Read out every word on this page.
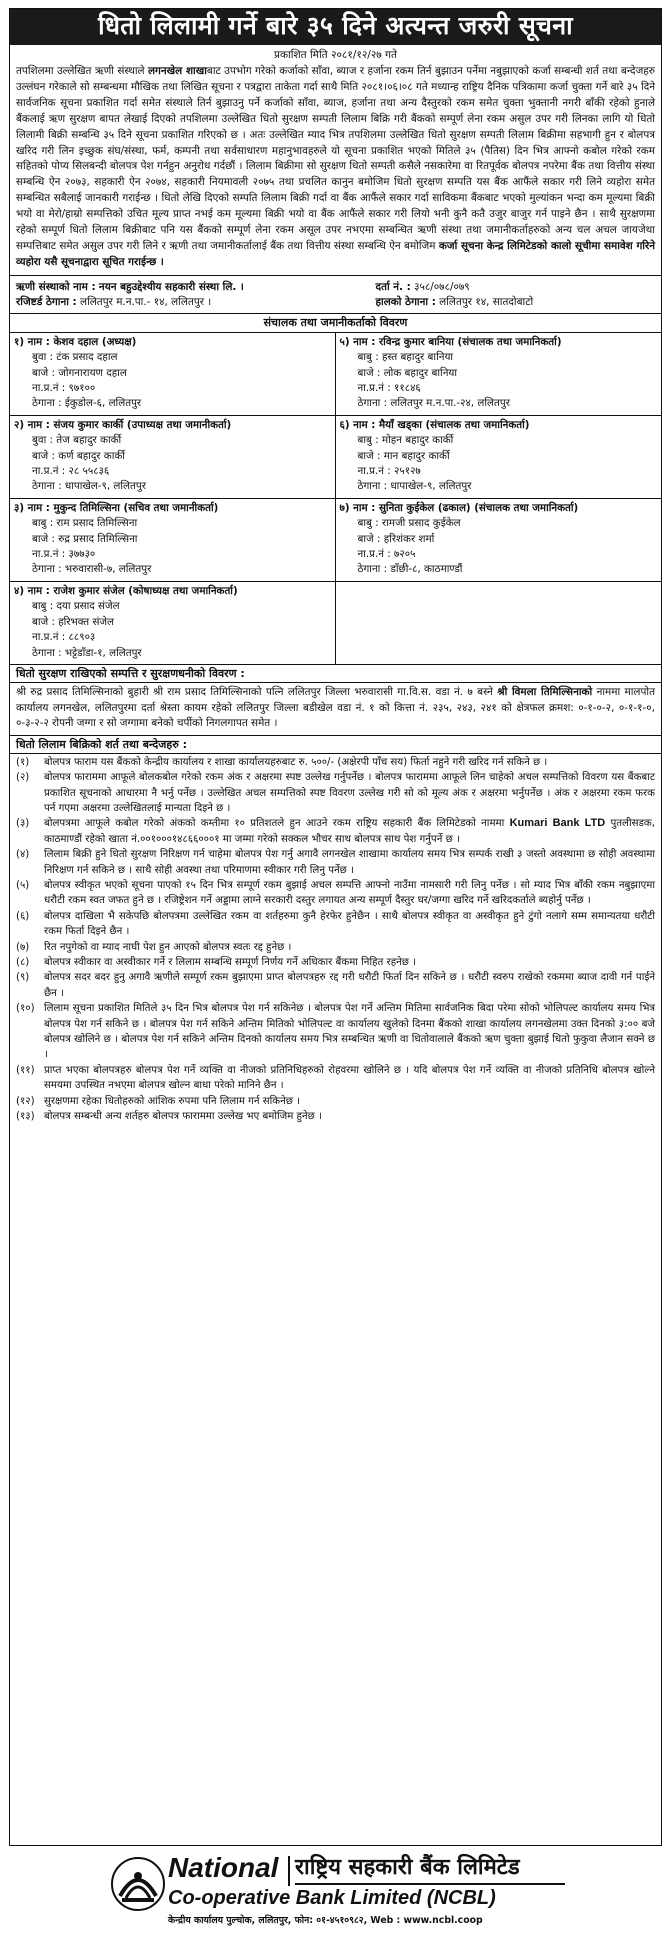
धितो लिलामी गर्ने बारे ३५ दिने अत्यन्त जरुरी सूचना
प्रकाशित मिति २०८१/१२/२७ गते
तपशिलमा उल्लेखित ऋणी संस्थाले लगनखेल शाखाबाट उपभोग गरेको कर्जाको साँवा, ब्याज र हर्जाना रकम तिर्न बुझाउन पर्नेमा नबुझाएको कर्जा सम्बन्धी शर्त तथा बन्देजहरु उल्लंघन गरेकाले सो सम्बन्धमा मौखिक तथा लिखित सूचना र पत्रद्वारा ताकेता गर्दा साथै मिति २०८१।०६।०८ गते मध्यान्ह राष्ट्रिय दैनिक पत्रिकामा कर्जा चुक्ता गर्ने बारे ३५ दिने सार्वजनिक सूचना प्रकाशित गर्दा समेत संस्थाले तिर्न बुझाउनु पर्ने कर्जाको साँवा, ब्याज, हर्जाना तथा अन्य दैस्तुरको रकम समेत चुक्ता भुक्तानी नगरी बाँकी रहेको हुनाले बैंकलाई ऋण सुरक्षण बापत लेखाई दिएको तपशिलमा उल्लेखित धितो सुरक्षण सम्पती लिलाम बिक्रि गरी बैंकको सम्पूर्ण लेना रकम असुल उपर गरी लिनका लागि यो धितो लिलामी बिक्री सम्बन्धि ३५ दिने सूचना प्रकाशित गरिएको छ । अतः उल्लेखित म्याद भित्र तपशिलमा उल्लेखित धितो सुरक्षण सम्पती लिलाम बिक्रीमा सहभागी हुन र बोलपत्र खरिद गरी लिन इच्छुक संघ/संस्था, फर्म, कम्पनी तथा सर्वसाधारण महानुभावहरुले यो सूचना प्रकाशित भएको मितिले ३५ (पैतिस) दिन भित्र आफ्नो कबोल गरेको रकम सहितको पोप्य सिलबन्दी बोलपत्र पेश गर्नहुन अनुरोध गर्दछौं । लिलाम बिक्रीमा सो सुरक्षण धितो सम्पती कसैले नसकारेमा वा रितपूर्वक बोलपत्र नपरेमा बैंक तथा वित्तीय संस्था सम्बन्धि ऐन २०७३, सहकारी ऐन २०७४, सहकारी नियमावली २०७५ तथा प्रचलित कानुन बमोजिम धितो सुरक्षण सम्पति यस बैंक आफैंले सकार गरी लिने व्यहोरा समेत सम्बन्धित सबैलाई जानकारी गराईन्छ । धितो लेखि दिएको सम्पति लिलाम बिक्री गर्दा वा बैंक आफैंले सकार गर्दा साविकमा बैंकबाट भएको मुल्यांकन भन्दा कम मूल्यमा बिक्री भयो वा मेरो/हाम्रो सम्पत्तिको उचित मूल्य प्राप्त नभई कम मूल्यमा बिक्री भयो वा बैंक आफैंले सकार गरी लियो भनी कुनै कतै उजुर बाजुर गर्न पाइने छैन । साथै सुरक्षणमा रहेको सम्पूर्ण धितो लिलाम बिक्रीबाट पनि यस बैंकको सम्पूर्ण लेना रकम असूल उपर नभएमा सम्बन्धित ऋणी संस्था तथा जमानीकर्ताहरुको अन्य चल अचल जायजेथा सम्पत्तिबाट समेत असुल उपर गरी लिने र ऋणी तथा जमानीकर्तालाई बैंक तथा वित्तीय संस्था सम्बन्धि ऐन बमोजिम कर्जा सूचना केन्द्र लिमिटेडको कालो सूचीमा समावेश गरिने व्यहोरा यसै सूचनाद्वारा सूचित गराईन्छ ।
ऋणी संस्थाको नाम : नयन बहुउद्देश्यीय सहकारी संस्था लि. ।	दर्ता नं. : ३५८/०७८/०७९
रजिष्टर्ड ठेगाना : ललितपुर म.न.पा.- १४, ललितपुर ।	हालको ठेगाना : ललितपुर १४, सातदोबाटो
संचालक तथा जमानीकर्ताको विवरण
१) नाम : केशव दहाल (अध्यक्ष)
बुवा : टंक प्रसाद दहाल
बाजे : जोगनारायण दहाल
ना.प्र.नं : ९७१००
ठेगाना : ईकुडोल-६, ललितपुर
५) नाम : रविन्द्र कुमार बानिया (संचालक तथा जमानिकर्ता)
बाबु : हस्त बहादुर बानिया
बाजे : लोक बहादुर बानिया
ना.प्र.नं : ११८४६
ठेगाना : ललितपुर म.न.पा.-२४, ललितपुर
२) नाम : संजय कुमार कार्की (उपाध्यक्ष तथा जमानीकर्ता)
बुवा : तेज बहादुर कार्की
बाजे : कर्ण बहादुर कार्की
ना.प्र.नं : २८ ५५८३६
ठेगाना : धापाखेल-९, ललितपुर
६) नाम : मैयाँ खड्का (संचालक तथा जमानिकर्ता)
बाबु : मोहन बहादुर कार्की
बाजे : मान बहादुर कार्की
ना.प्र.नं : २५१२७
ठेगाना : धापाखेल-९, ललितपुर
३) नाम : मुकुन्द तिमिल्सिना (सचिव तथा जमानीकर्ता)
बाबु : राम प्रसाद तिमिल्सिना
बाजे : रुद्र प्रसाद तिमिल्सिना
ना.प्र.नं : ३७७३०
ठेगाना : भरुवारासी-७, ललितपुर
७) नाम : सुनिता कुईकेल (ढकाल) (संचालक तथा जमानिकर्ता)
बाबु : रामजी प्रसाद कुईकेल
बाजे : हरिशंकर शर्मा
ना.प्र.नं : ७२०५
ठेगाना : डाँछी-८, काठमाण्डौं
४) नाम : राजेश कुमार संजेल (कोषाध्यक्ष तथा जमानिकर्ता)
बाबु : दया प्रसाद संजेल
बाजे : हरिभक्त संजेल
ना.प्र.नं : ८८९०३
ठेगाना : भट्टेडाँडा-१, ललितपुर
धितो सुरक्षण राखिएको सम्पत्ति र सुरक्षणधनीको विवरण :
श्री रुद्र प्रसाद तिमिल्सिनाको बुहारी श्री राम प्रसाद तिमिल्सिनाको पत्नि ललितपुर जिल्ला भरुवारासी गा.वि.स. वडा नं. ७ बस्ने श्री विमला तिमिल्सिनाको नाममा मालपोत कार्यालय लगनखेल, ललितपुरमा दर्ता श्रेस्ता कायम रहेको ललितपुर जिल्ला बडीखेल वडा नं. १ को कित्ता नं. २३५, २४३, २४१ को क्षेत्रफल क्रमश: ०-१-०-२, ०-१-१-०, ०-३-२-२ रोपनी जग्गा र सो जग्गामा बनेको चर्पीको निगलगापत समेत ।
धितो लिलाम बिक्रिको शर्त तथा बन्देजहरु :
(१)	बोलपत्र फाराम यस बैंकको केन्द्रीय कार्यालय र शाखा कार्यालयहरुबाट रु. ५००/- (अक्षेरपी पाँच सय) फिर्ता नहुने गरी खरिद गर्न सकिने छ ।
(२)	बोलपत्र फाराममा आफूले बोलकबोल गरेको रकम अंक र अक्षरमा स्पष्ट उल्लेख गर्नुपर्नेछ । बोलपत्र फाराममा आफूले लिन चाहेको अचल सम्पत्तिको विवरण यस बैंकबाट प्रकाशित सूचनाको आधारमा नै भर्नु पर्नेछ । उल्लेखित अचल सम्पत्तिको स्पष्ट विवरण उल्लेख गरी सो को मूल्य अंक र अक्षरमा भर्नुपर्नेछ । अंक र अक्षरमा रकम फरक पर्न गएमा अक्षरमा उल्लेखितलाई मान्यता दिइने छ ।
(३)	बोलपत्रमा आफूले कबोल गरेको अंकको कम्तीमा १० प्रतिशतले हुन आउने रकम राष्ट्रिय सहकारी बैंक लिमिटेडको नाममा Kumari Bank LTD पुतलीसडक, काठमाण्डौं रहेको खाता नं.००१०००१४८६६०००१ मा जम्मा गरेको सक्कल भौचर साथ बोलपत्र साथ पेश गर्नुपर्ने छ ।
(४)	लिलाम बिक्री हुने धितो सुरक्षण निरिक्षण गर्न चाहेमा बोलपत्र पेश गर्नु अगावै लगनखेल शाखामा कार्यालय समय भित्र सम्पर्क राखी ३ जस्तो अवस्थामा छ सोही अवस्थामा निरिक्षण गर्न सकिने छ । साथै सोही अवस्था तथा परिमाणमा स्वीकार गरी लिनु पर्नेछ ।
(५)	बोलपत्र स्वीकृत भएको सूचना पाएको १५ दिन भित्र सम्पूर्ण रकम बुझाई अचल सम्पत्ति आफ्नो नाउँमा नामसारी गरी लिनु पर्नेछ । सो म्याद भित्र बाँकी रकम नबुझाएमा धरौटी रकम स्वत जफत हुने छ । रजिष्ट्रेशन गर्ने अड्डामा लाग्ने सरकारी दस्तुर लगायत अन्य सम्पूर्ण दैस्तुर घर/जग्गा खरिद गर्ने खरिदकर्ताले ब्यहोर्नु पर्नेछ ।
(६)	बोलपत्र दाखिला भै सकेपछि बोलपत्रमा उल्लेखित रकम वा शर्तहरुमा कुनै हेरफेर हुनेछैन । साथै बोलपत्र स्वीकृत वा अस्वीकृत हुने टुंगो नलागे सम्म समान्यतया धरौटी रकम फिर्ता दिइने छैन ।
(७)	रित नपुगेको वा म्याद नाघी पेश हुन आएको बोलपत्र स्वतः रद्द हुनेछ ।
(८)	बोलपत्र स्वीकार वा अस्वीकार गर्ने र लिलाम सम्बन्धि सम्पूर्ण निर्णय गर्ने अधिकार बैंकमा निहित रहनेछ ।
(९)	बोलपत्र सदर बदर हुनु अगावै ऋणीले सम्पूर्ण रकम बुझाएमा प्राप्त बोलपत्रहरु रद्द गरी धरौटी फिर्ता दिन सकिने छ । धरौटी स्वरुप राखेको रकममा ब्याज दावी गर्न पाईने छैन ।
(१०) लिलाम सूचना प्रकाशित मितिले ३५ दिन भित्र बोलपत्र पेश गर्न सकिनेछ । बोलपत्र पेश गर्ने अन्तिम मितिमा सार्वजनिक बिदा परेमा सोको भोलिपल्ट कार्यालय समय भित्र बोलपत्र पेश गर्न सकिने छ । बोलपत्र पेश गर्न सकिने अन्तिम मितिको भोलिपल्ट वा कार्यालय खुलेको दिनमा बैंकको शाखा कार्यालय लगनखेलमा उक्त दिनको ३:०० बजे बोलपत्र खोलिने छ । बोलपत्र पेश गर्न सकिने अन्तिम दिनको कार्यालय समय भित्र सम्बन्धित ऋणी वा धितोवालाले बैंकको ऋण चुक्ता बुझाई धितो फुकुवा लैजान सक्ने छ ।
(११) प्राप्त भएका बोलपत्रहरु बोलपत्र पेश गर्ने व्यक्ति वा नीजको प्रतिनिधिहरुको रोहवरमा खोलिने छ । यदि बोलपत्र पेश गर्ने व्यक्ति वा नीजको प्रतिनिधि बोलपत्र खोल्ने समयमा उपस्थित नभएमा बोलपत्र खोल्न बाधा परेको मानिने छैन ।
(१२) सुरक्षणमा रहेका धितोहरुको आंशिक रुपमा पनि लिलाम गर्न सकिनेछ ।
(१३) बोलपत्र सम्बन्धी अन्य शर्तहरु बोलपत्र फाराममा उल्लेख भए बमोजिम हुनेछ ।
National राष्ट्रिय सहकारी बैंक लिमिटेड
Co-operative Bank Limited (NCBL)
केन्द्रीय कार्यालय पुल्चोक, ललितपुर, फोन: ०१-४५१०९८२, Web : www.ncbl.coop
